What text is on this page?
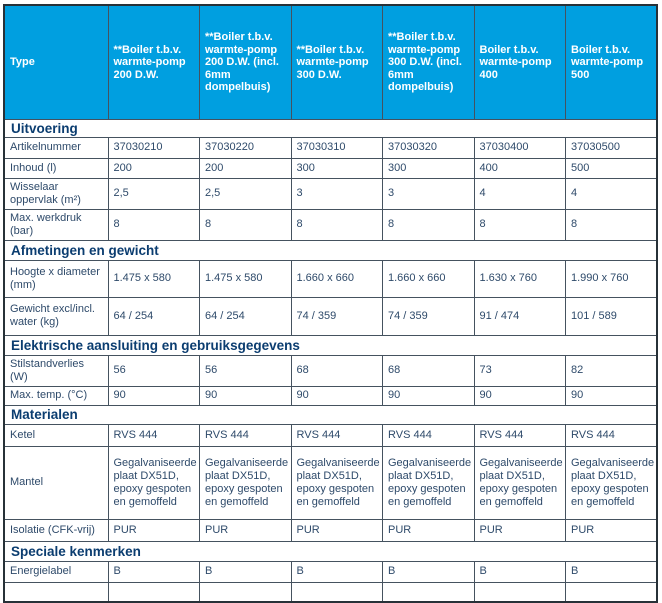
Type	**Boiler t.b.v. warmte-pomp 200 D.W.	**Boiler t.b.v. warmte-pomp 200 D.W. (incl. 6mm dompelbuis)	**Boiler t.b.v. warmte-pomp 300 D.W.	**Boiler t.b.v. warmte-pomp 300 D.W. (incl. 6mm dompelbuis)	Boiler t.b.v. warmte-pomp 400	Boiler t.b.v. warmte-pomp 500
Uitvoering						
Artikelnummer	37030210	37030220	37030310	37030320	37030400	37030500
Inhoud (l)	200	200	300	300	400	500
Wisselaar oppervlak (m²)	2,5	2,5	3	3	4	4
Max. werkdruk (bar)	8	8	8	8	8	8
Afmetingen en gewicht						
Hoogte x diameter (mm)	1.475 x 580	1.475 x 580	1.660 x 660	1.660 x 660	1.630 x 760	1.990 x 760
Gewicht excl/incl. water (kg)	64 / 254	64 / 254	74 / 359	74 / 359	91 / 474	101 / 589
Elektrische aansluiting en gebruiksgegevens						
Stilstandverlies (W)	56	56	68	68	73	82
Max. temp. (°C)	90	90	90	90	90	90
Materialen						
Ketel	RVS 444	RVS 444	RVS 444	RVS 444	RVS 444	RVS 444
Mantel	Gegalvaniseerde plaat DX51D, epoxy gespoten en gemoffeld	Gegalvaniseerde plaat DX51D, epoxy gespoten en gemoffeld	Gegalvaniseerde plaat DX51D, epoxy gespoten en gemoffeld	Gegalvaniseerde plaat DX51D, epoxy gespoten en gemoffeld	Gegalvaniseerde plaat DX51D, epoxy gespoten en gemoffeld	Gegalvaniseerde plaat DX51D, epoxy gespoten en gemoffeld
Isolatie (CFK-vrij)	PUR	PUR	PUR	PUR	PUR	PUR
Speciale kenmerken						
Energielabel	B	B	B	B	B	B
